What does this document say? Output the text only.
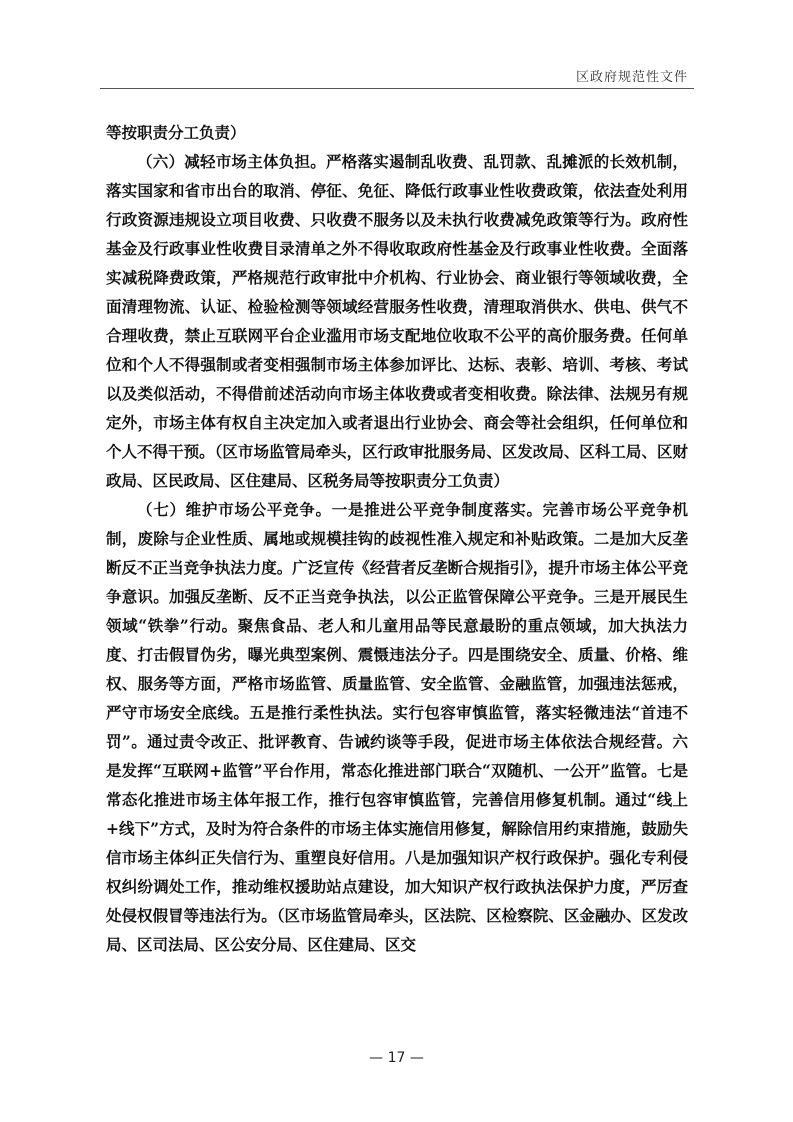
区政府规范性文件

等按职责分工负责）

（六）减轻市场主体负担。严格落实遏制乱收费、乱罚款、乱摊派的长效机制，落实国家和省市出台的取消、停征、免征、降低行政事业性收费政策，依法查处利用行政资源违规设立项目收费、只收费不服务以及未执行收费减免政策等行为。政府性基金及行政事业性收费目录清单之外不得收取政府性基金及行政事业性收费。全面落实减税降费政策，严格规范行政审批中介机构、行业协会、商业银行等领域收费，全面清理物流、认证、检验检测等领域经营服务性收费，清理取消供水、供电、供气不合理收费，禁止互联网平台企业滥用市场支配地位收取不公平的高价服务费。任何单位和个人不得强制或者变相强制市场主体参加评比、达标、表彰、培训、考核、考试以及类似活动，不得借前述活动向市场主体收费或者变相收费。除法律、法规另有规定外，市场主体有权自主决定加入或者退出行业协会、商会等社会组织，任何单位和个人不得干预。（区市场监管局牵头，区行政审批服务局、区发改局、区科工局、区财政局、区民政局、区住建局、区税务局等按职责分工负责）

（七）维护市场公平竞争。一是推进公平竞争制度落实。完善市场公平竞争机制，废除与企业性质、属地或规模挂钩的歧视性准入规定和补贴政策。二是加大反垄断反不正当竞争执法力度。广泛宣传《经营者反垄断合规指引》，提升市场主体公平竞争意识。加强反垄断、反不正当竞争执法，以公正监管保障公平竞争。三是开展民生领域“铁拳”行动。聚焦食品、老人和儿童用品等民意最盼的重点领域，加大执法力度、打击假冒伪劣，曝光典型案例、震慑违法分子。四是围绕安全、质量、价格、维权、服务等方面，严格市场监管、质量监管、安全监管、金融监管，加强违法惩戒，严守市场安全底线。五是推行柔性执法。实行包容审慎监管，落实轻微违法“首违不罚”。通过责令改正、批评教育、告诫约谈等手段，促进市场主体依法合规经营。六是发挥“互联网+监管”平台作用，常态化推进部门联合“双随机、一公开”监管。七是常态化推进市场主体年报工作，推行包容审慎监管，完善信用修复机制。通过“线上+线下”方式，及时为符合条件的市场主体实施信用修复，解除信用约束措施，鼓励失信市场主体纠正失信行为、重塑良好信用。八是加强知识产权行政保护。强化专利侵权纠纷调处工作，推动维权援助站点建设，加大知识产权行政执法保护力度，严厉查处侵权假冒等违法行为。（区市场监管局牵头，区法院、区检察院、区金融办、区发改局、区司法局、区公安分局、区住建局、区交

— 17 —
